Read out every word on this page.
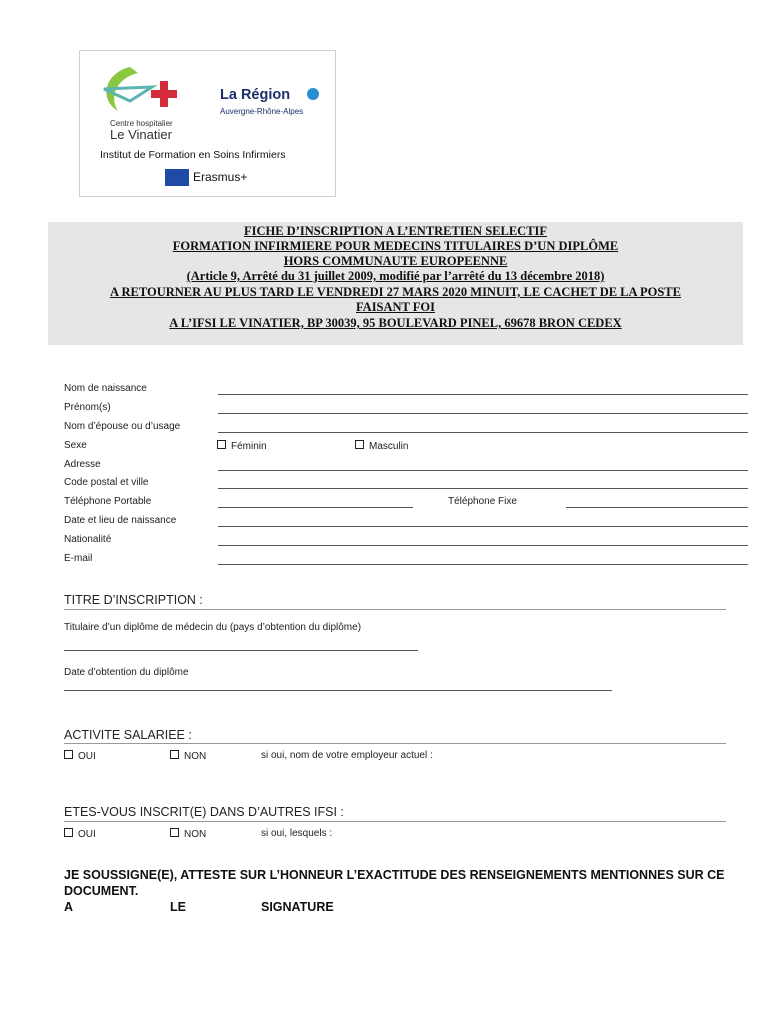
Centre hospitalier
Le Vinatier
La Région
Auvergne-Rhône-Alpes
Institut de Formation en Soins Infirmiers
Erasmus+
FICHE D’INSCRIPTION A L’ENTRETIEN SELECTIF
FORMATION INFIRMIERE POUR MEDECINS TITULAIRES D’UN DIPLÔME
HORS COMMUNAUTE EUROPEENNE
(Article 9, Arrêté du 31 juillet 2009, modifié par l’arrêté du 13 décembre 2018)
A RETOURNER AU PLUS TARD LE VENDREDI 27 MARS 2020 MINUIT, LE CACHET DE LA POSTE
FAISANT FOI
A L’IFSI LE VINATIER, BP 30039, 95 BOULEVARD PINEL, 69678 BRON CEDEX
Nom de naissance
Prénom(s)
Nom d’épouse ou d’usage
Sexe	Féminin	Masculin
Adresse
Code postal et ville
Téléphone Portable	Téléphone Fixe
Date et lieu de naissance
Nationalité
E-mail
TITRE D’INSCRIPTION :
Titulaire d’un diplôme de médecin du (pays d’obtention du diplôme)
Date d’obtention du diplôme
ACTIVITE SALARIEE :
OUI	NON	si oui, nom de votre employeur actuel :
ETES-VOUS INSCRIT(E) DANS D’AUTRES IFSI :
OUI	NON	si oui, lesquels :
JE SOUSSIGNE(E), ATTESTE SUR L’HONNEUR L’EXACTITUDE DES RENSEIGNEMENTS MENTIONNES SUR CE
DOCUMENT.
A	LE	SIGNATURE
